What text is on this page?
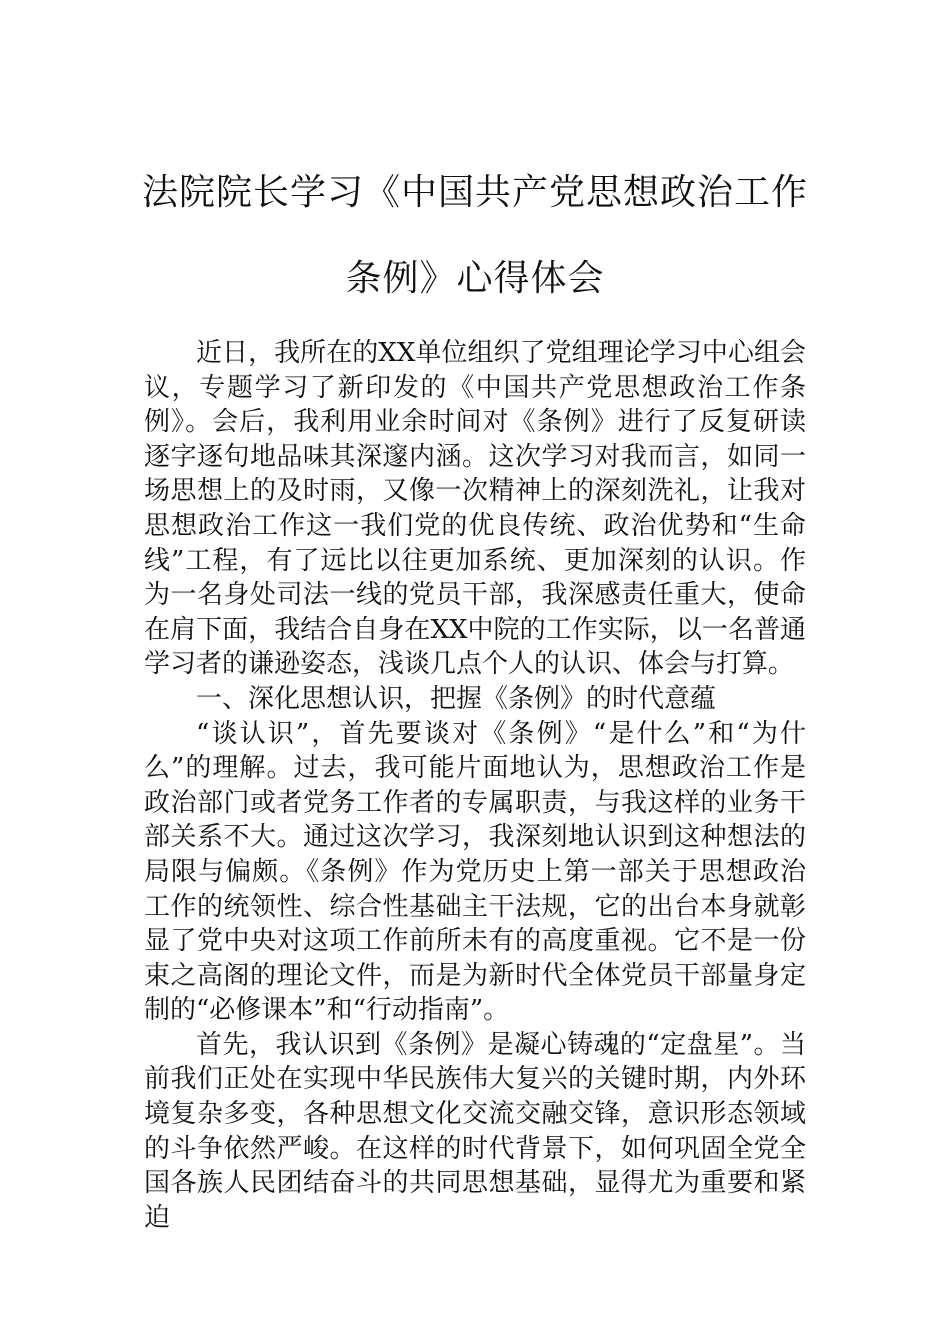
法院院长学习《中国共产党思想政治工作
条例》心得体会

近日，我所在的XX单位组织了党组理论学习中心组会议，专题学习了新印发的《中国共产党思想政治工作条例》。会后，我利用业余时间对《条例》进行了反复研读逐字逐句地品味其深邃内涵。这次学习对我而言，如同一场思想上的及时雨，又像一次精神上的深刻洗礼，让我对思想政治工作这一我们党的优良传统、政治优势和“生命线”工程，有了远比以往更加系统、更加深刻的认识。作为一名身处司法一线的党员干部，我深感责任重大，使命在肩下面，我结合自身在XX中院的工作实际，以一名普通学习者的谦逊姿态，浅谈几点个人的认识、体会与打算。

一、深化思想认识，把握《条例》的时代意蕴

“谈认识”，首先要谈对《条例》“是什么”和“为什么”的理解。过去，我可能片面地认为，思想政治工作是政治部门或者党务工作者的专属职责，与我这样的业务干部关系不大。通过这次学习，我深刻地认识到这种想法的局限与偏颇。《条例》作为党历史上第一部关于思想政治工作的统领性、综合性基础主干法规，它的出台本身就彰显了党中央对这项工作前所未有的高度重视。它不是一份束之高阁的理论文件，而是为新时代全体党员干部量身定制的“必修课本”和“行动指南”。

首先，我认识到《条例》是凝心铸魂的“定盘星”。当前我们正处在实现中华民族伟大复兴的关键时期，内外环境复杂多变，各种思想文化交流交融交锋，意识形态领域的斗争依然严峻。在这样的时代背景下，如何巩固全党全国各族人民团结奋斗的共同思想基础，显得尤为重要和紧迫
